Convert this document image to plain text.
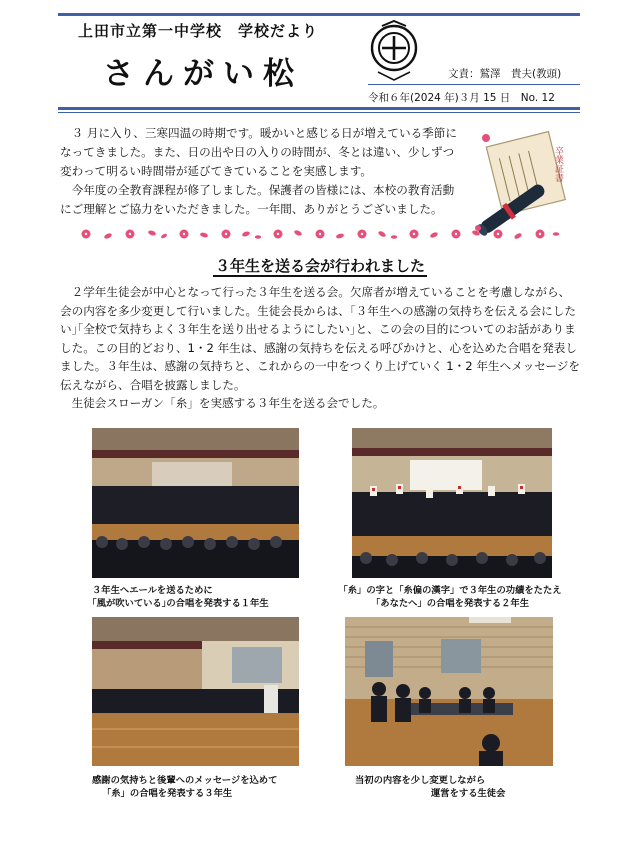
上田市立第一中学校　学校だより
さんがい松	文責：鷲澤　貴夫(教頭)
令和６年(2024 年)３月 15 日　No. 12

３ 月に入り、三寒四温の時期です。暖かいと感じる日が増えている季節になってきました。また、日の出や日の入りの時間が、冬とは違い、少しずつ変わって明るい時間帯が延びてきていることを実感します。

今年度の全教育課程が修了しました。保護者の皆様には、本校の教育活動にご理解とご協力をいただきました。一年間、ありがとうございました。

卒業証書
３年生を送る会が行われました

２学年生徒会が中心となって行った３年生を送る会。欠席者が増えていることを考慮しながら、会の内容を多少変更して行いました。生徒会長からは、｢３年生への感謝の気持ちを伝える会にしたい｣｢全校で気持ちよく３年生を送り出せるようにしたい｣と、この会の目的についてのお話がありました。この目的どおり、1・2 年生は、感謝の気持ちを伝える呼びかけと、心を込めた合唱を発表しました。３年生は、感謝の気持ちと、これからの一中をつくり上げていく 1・2 年生へメッセージを伝えながら、合唱を披露しました。

生徒会スローガン「糸」を実感する３年生を送る会でした。

３年生へエールを送るために
｢風が吹いている｣の合唱を発表する１年生
「糸」の字と「糸偏の漢字」で３年生の功績をたたえ
「あなたへ」の合唱を発表する２年生
感謝の気持ちと後輩へのメッセージを込めて
「糸」の合唱を発表する３年生
当初の内容を少し変更しながら
運営をする生徒会
